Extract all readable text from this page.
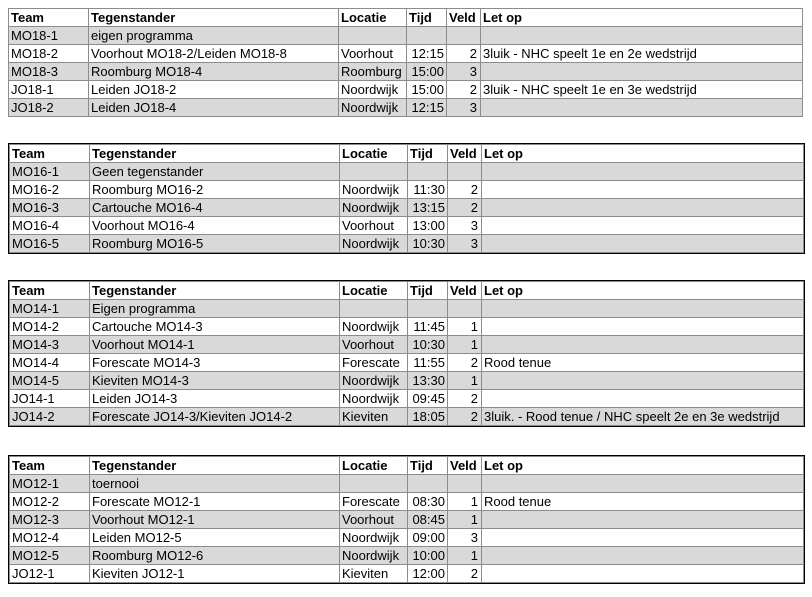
Team	Tegenstander	Locatie	Tijd	Veld	Let op
MO18-1	eigen programma				
MO18-2	Voorhout MO18-2/Leiden MO18-8	Voorhout	12:15	2	3luik - NHC speelt 1e en 2e wedstrijd
MO18-3	Roomburg MO18-4	Roomburg	15:00	3	
JO18-1	Leiden JO18-2	Noordwijk	15:00	2	3luik - NHC speelt 1e en 3e wedstrijd
JO18-2	Leiden JO18-4	Noordwijk	12:15	3	
Team	Tegenstander	Locatie	Tijd	Veld	Let op
MO16-1	Geen tegenstander				
MO16-2	Roomburg MO16-2	Noordwijk	11:30	2	
MO16-3	Cartouche MO16-4	Noordwijk	13:15	2	
MO16-4	Voorhout MO16-4	Voorhout	13:00	3	
MO16-5	Roomburg MO16-5	Noordwijk	10:30	3	
Team	Tegenstander	Locatie	Tijd	Veld	Let op
MO14-1	Eigen programma				
MO14-2	Cartouche MO14-3	Noordwijk	11:45	1	
MO14-3	Voorhout MO14-1	Voorhout	10:30	1	
MO14-4	Forescate MO14-3	Forescate	11:55	2	Rood tenue
MO14-5	Kieviten MO14-3	Noordwijk	13:30	1	
JO14-1	Leiden JO14-3	Noordwijk	09:45	2	
JO14-2	Forescate JO14-3/Kieviten JO14-2	Kieviten	18:05	2	3luik. - Rood tenue / NHC speelt 2e en 3e wedstrijd
Team	Tegenstander	Locatie	Tijd	Veld	Let op
MO12-1	toernooi				
MO12-2	Forescate MO12-1	Forescate	08:30	1	Rood tenue
MO12-3	Voorhout MO12-1	Voorhout	08:45	1	
MO12-4	Leiden MO12-5	Noordwijk	09:00	3	
MO12-5	Roomburg MO12-6	Noordwijk	10:00	1	
JO12-1	Kieviten JO12-1	Kieviten	12:00	2	
